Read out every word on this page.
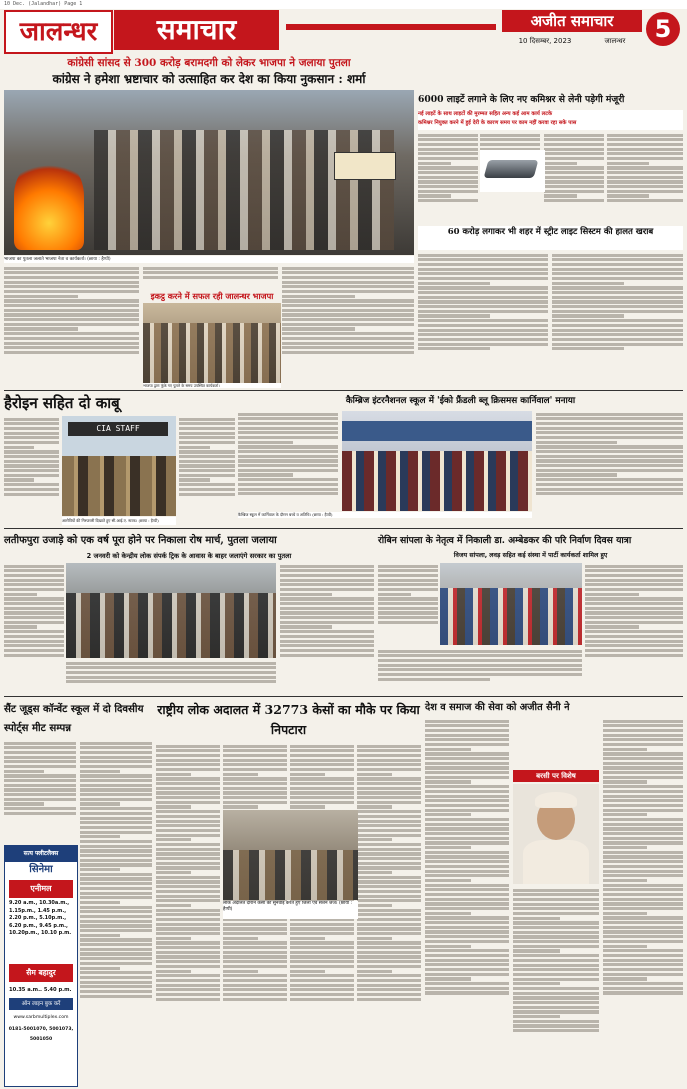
10 Dec. (Jalandhar) Page 1
जालन्धर	समाचार	अजीत समाचार
10 दिसम्बर, 2023	जालन्धर	5
कांग्रेसी सांसद से 300 करोड़ बरामदगी को लेकर भाजपा ने जलाया पुतला
कांग्रेस ने हमेशा भ्रष्टाचार को उत्साहित कर देश का किया नुकसान : शर्मा
भाजपा का पुतला जलाते भाजपा नेता व कार्यकर्ता। (छाया : हैप्पी)
इकट्ठ करने में सफल रही जालन्धर भाजपा
भाजपा द्वारा फूंके गए पुतले के समय उपस्थित कार्यकर्ता।
6000 लाइटें लगाने के लिए नए कमिश्नर से लेनी पड़ेगी मंजूरी
नई लाइटें के साथ लाइटों की मुरम्मत सहित अन्य कई आम कार्य लटके
कमिश्नर नियुक्त करने में हुई देरी के कारण समय पर काम नहीं करवा रहा सके पास
60 करोड़ लगाकर भी शहर में स्ट्रीट लाइट सिस्टम की हालत खराब
हैरोइन सहित दो काबू
CIA STAFF
आरोपियों की गिरफ्तारी दिखाते हुए सी.आई.ए. स्टाफ। (छाया : हैप्पी)
कैम्ब्रिज इंटरनैशनल स्कूल में 'ईको फ्रैंडली ब्लू क्रिसमस कार्निवाल' मनाया
कैम्ब्रिज स्कूल में कार्निवाल के दौरान बच्चे व अतिथि। (छाया : हैप्पी)
लतीफपुरा उजाड़े को एक वर्ष पूरा होने पर निकाला रोष मार्च, पुतला जलाया
2 जनवरी को केन्द्रीय लोक संपर्क ट्रिक के आवास के बाहर जलाएंगे सरकार का पुतला
रोबिन सांपला के नेतृत्व में निकाली डा. अम्बेडकर की परि निर्वाण दिवस यात्रा
विजय सांपला, लवड़ सहित कई संस्था में पार्टी कार्यकर्ता शामिल हुए
सैंट जूड्स कॉन्वेंट स्कूल में दो दिवसीय स्पोर्ट्स मीट सम्पन्न
सत्य फ्लीटलैक्स
सिनेमा
एनीमल
9.20 a.m., 10.30a.m., 1.15p.m., 1.45 p.m., 2.20 p.m., 5.10p.m., 6.20 p.m., 9.45 p.m., 10.20p.m., 10.10 p.m.
सैम बहादुर
10.35 a.m.. 5.40 p.m.
ऑन लाइन बुक करें
www.sarbmultiplex.com
0181-5001070, 5001073, 5001050
राष्ट्रीय लोक अदालत में 32773 केसों का मौके पर किया निपटारा
लोक अदालत दौरान केसों की सुनवाई करते हुए जिला एवं सैशन जज। (छाया : हैप्पी)
देश व समाज की सेवा को अजीत सैनी ने
बरसी पर विशेष
